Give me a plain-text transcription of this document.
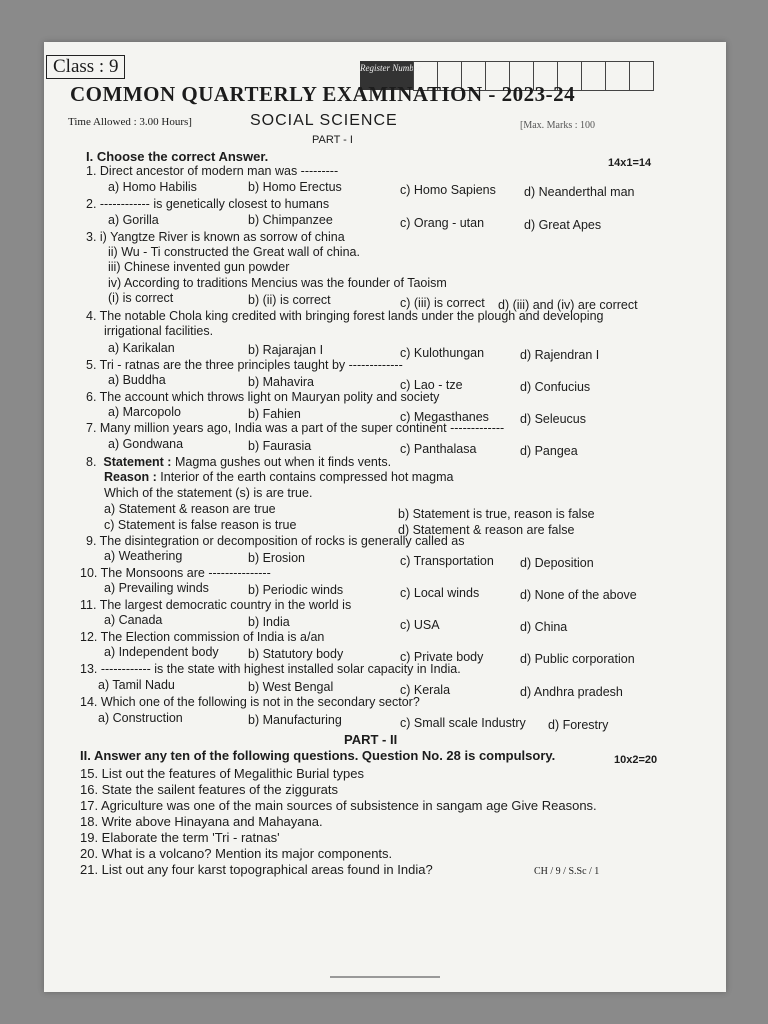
Class : 9	Register Number
COMMON QUARTERLY EXAMINATION - 2023-24
Time Allowed : 3.00 Hours]	SOCIAL SCIENCE	[Max. Marks : 100
PART - I
I. Choose the correct Answer.	14x1=14
1. Direct ancestor of modern man was ---------
a) Homo Habilis	b) Homo Erectus	c) Homo Sapiens d) Neanderthal man
2. ------------ is genetically closest to humans
a) Gorilla	b) Chimpanzee	c) Orang - utan	d) Great Apes
3. i) Yangtze River is known as sorrow of china
ii) Wu - Ti constructed the Great wall of china.
iii) Chinese invented gun powder
iv) According to traditions Mencius was the founder of Taoism
(i) is correct	b) (ii) is correct	c) (iii) is correct d) (iii) and (iv) are correct
4. The notable Chola king credited with bringing forest lands under the plough and developing
irrigational facilities.
a) Karikalan	b) Rajarajan I	c) Kulothungan	d) Rajendran I
5. Tri - ratnas are the three principles taught by -------------
a) Buddha	b) Mahavira	c) Lao - tze	d) Confucius
6. The account which throws light on Mauryan polity and society
a) Marcopolo	b) Fahien	c) Megasthanes d) Seleucus
7. Many million years ago, India was a part of the super continent -------------
a) Gondwana	b) Faurasia	c) Panthalasa	d) Pangea
8. Statement : Magma gushes out when it finds vents.
Reason : Interior of the earth contains compressed hot magma
Which of the statement (s) is are true.
a) Statement & reason are true	b) Statement is true, reason is false
c) Statement is false reason is true	d) Statement & reason are false
9. The disintegration or decomposition of rocks is generally called as
a) Weathering	b) Erosion	c) Transportation d) Deposition
10. The Monsoons are ---------------
a) Prevailing winds	b) Periodic winds	c) Local winds	d) None of the above
11. The largest democratic country in the world is
a) Canada	b) India	c) USA	d) China
12. The Election commission of India is a/an
a) Independent body b) Statutory body	c) Private body	d) Public corporation
13. ------------ is the state with highest installed solar capacity in India.
a) Tamil Nadu	b) West Bengal	c) Kerala	d) Andhra pradesh
14. Which one of the following is not in the secondary sector?
a) Construction	b) Manufacturing	c) Small scale Industry d) Forestry
PART - II
II. Answer any ten of the following questions. Question No. 28 is compulsory.	10x2=20
15. List out the features of Megalithic Burial types
16. State the sailent features of the ziggurats
17. Agriculture was one of the main sources of subsistence in sangam age Give Reasons.
18. Write above Hinayana and Mahayana.
19. Elaborate the term 'Tri - ratnas'
20. What is a volcano? Mention its major components.
21. List out any four karst topographical areas found in India?	CH / 9 / S.Sc / 1
